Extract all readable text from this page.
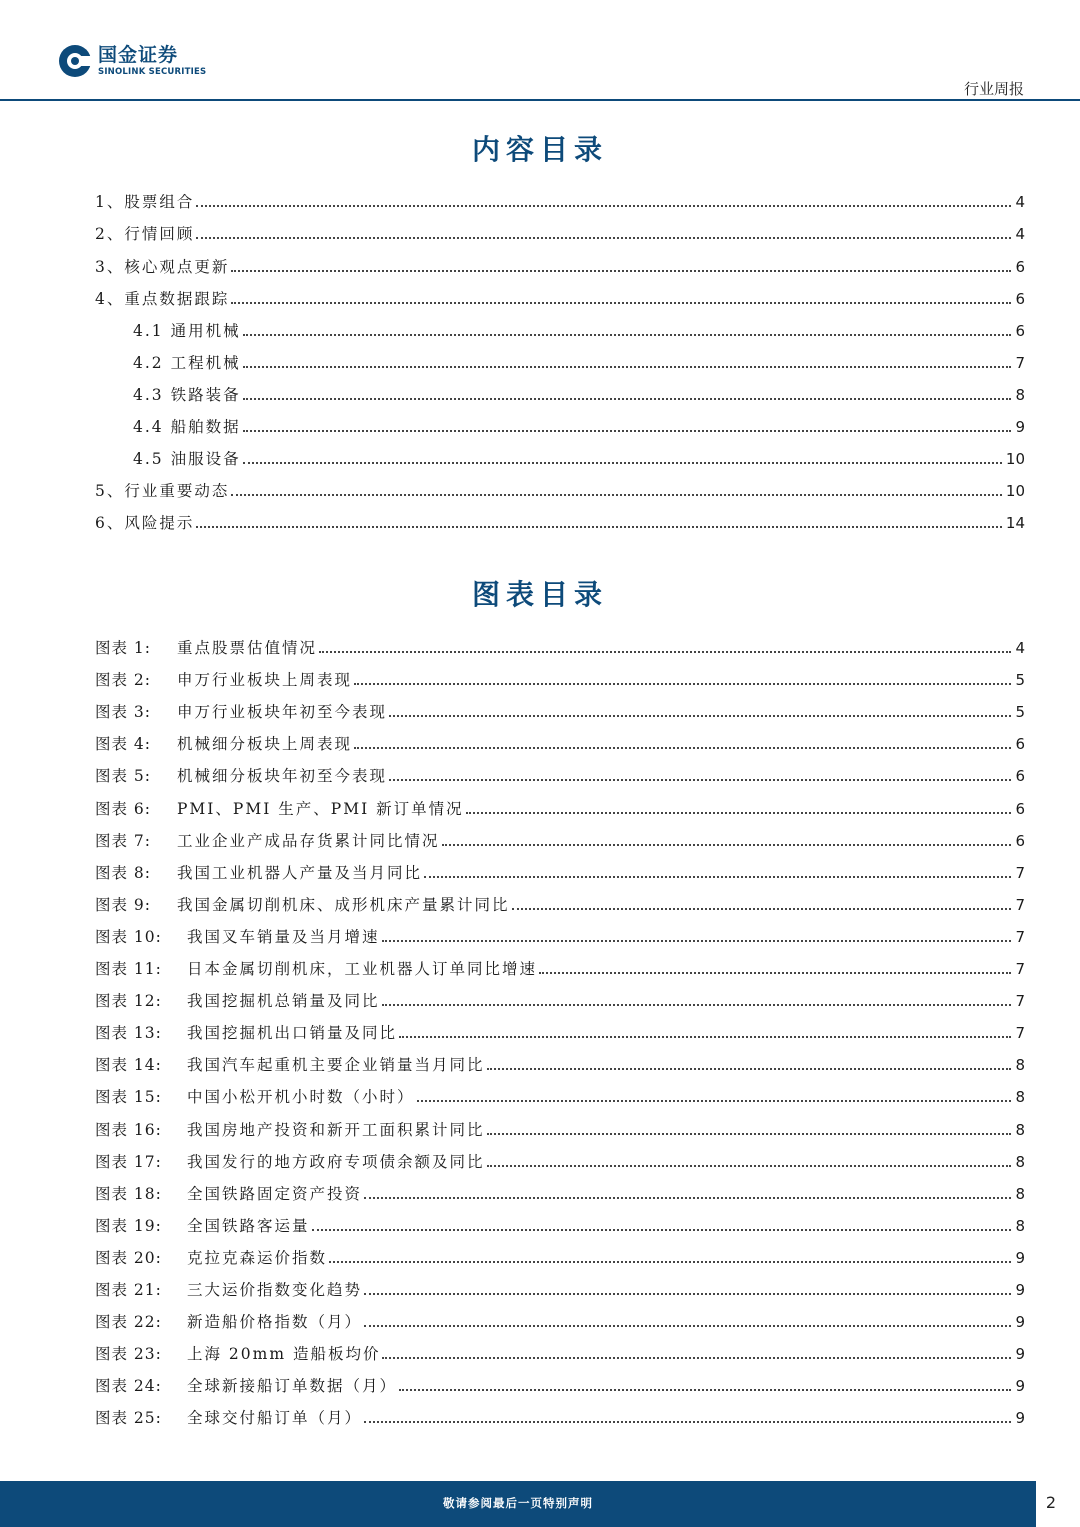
国金证券
SINOLINK SECURITIES
行业周报
内容目录
1、股票组合	4
2、行情回顾	4
3、核心观点更新	6
4、重点数据跟踪	6
4.1 通用机械	6
4.2 工程机械	7
4.3 铁路装备	8
4.4 船舶数据	9
4.5 油服设备	10
5、行业重要动态	10
6、风险提示	14
图表目录
图表 1:	重点股票估值情况	4
图表 2:	申万行业板块上周表现	5
图表 3:	申万行业板块年初至今表现	5
图表 4:	机械细分板块上周表现	6
图表 5:	机械细分板块年初至今表现	6
图表 6:	PMI、PMI 生产、PMI 新订单情况	6
图表 7:	工业企业产成品存货累计同比情况	6
图表 8:	我国工业机器人产量及当月同比	7
图表 9:	我国金属切削机床、成形机床产量累计同比	7
图表 10:	我国叉车销量及当月增速	7
图表 11:	日本金属切削机床，工业机器人订单同比增速	7
图表 12:	我国挖掘机总销量及同比	7
图表 13:	我国挖掘机出口销量及同比	7
图表 14:	我国汽车起重机主要企业销量当月同比	8
图表 15:	中国小松开机小时数（小时）	8
图表 16:	我国房地产投资和新开工面积累计同比	8
图表 17:	我国发行的地方政府专项债余额及同比	8
图表 18:	全国铁路固定资产投资	8
图表 19:	全国铁路客运量	8
图表 20:	克拉克森运价指数	9
图表 21:	三大运价指数变化趋势	9
图表 22:	新造船价格指数（月）	9
图表 23:	上海 20mm 造船板均价	9
图表 24:	全球新接船订单数据（月）	9
图表 25:	全球交付船订单（月）	9
敬请参阅最后一页特别声明	2
